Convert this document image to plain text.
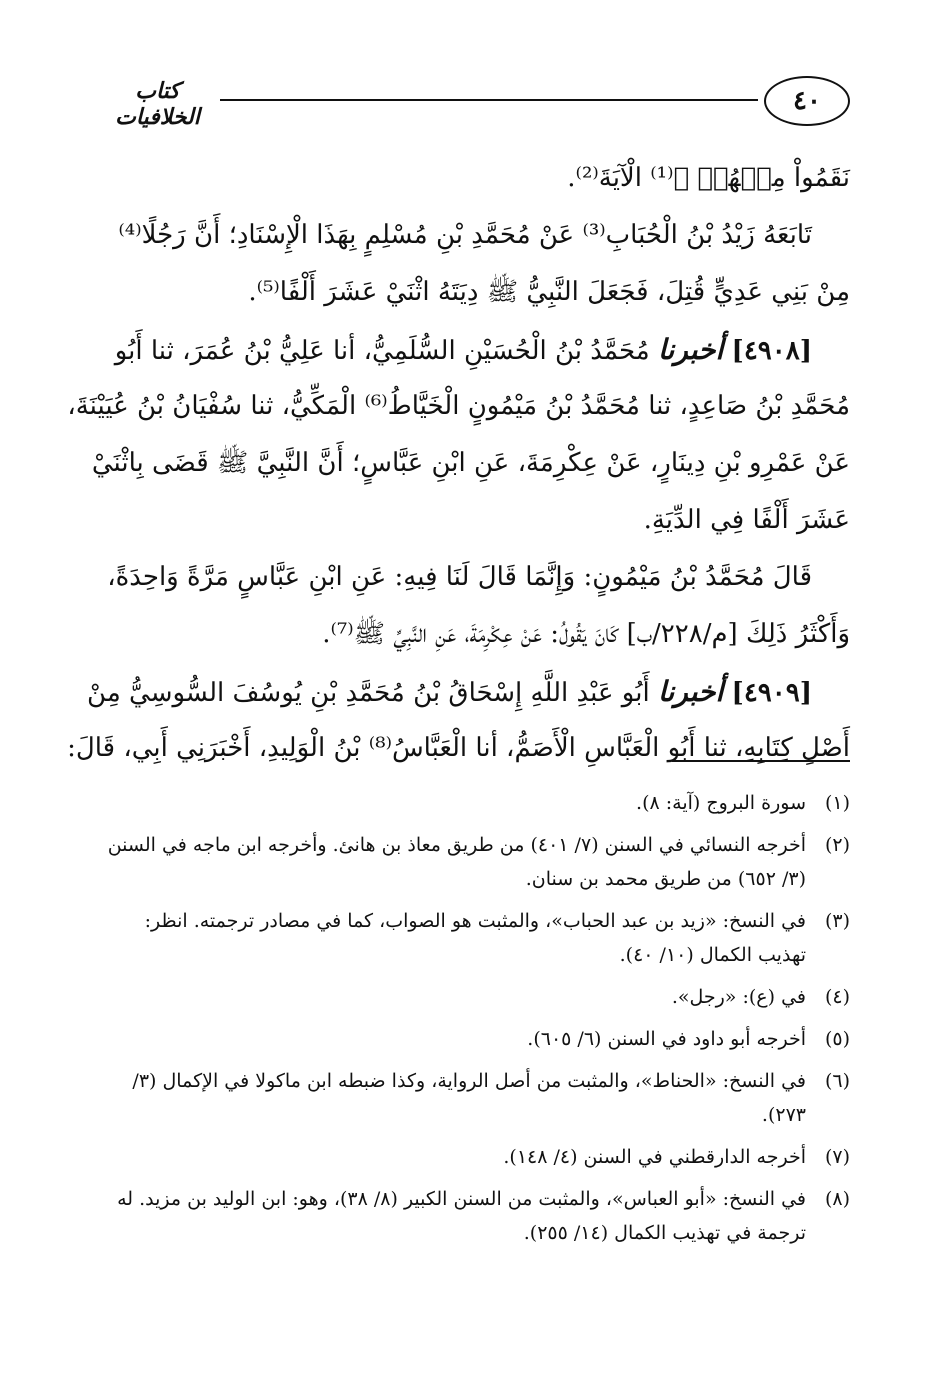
٤٠
كتاب الخلافيات
نَقَمُواْ مِنۡهُمۡ ﴾⁽¹⁾ الْآيَةَ⁽²⁾.
تَابَعَهُ زَيْدُ بْنُ الْحُبَابِ⁽³⁾ عَنْ مُحَمَّدِ بْنِ مُسْلِمٍ بِهَذَا الْإِسْنَادِ؛ أَنَّ رَجُلًا⁽⁴⁾
مِنْ بَنِي عَدِيٍّ قُتِلَ، فَجَعَلَ النَّبِيُّ ﷺ دِيَتَهُ اثْنَيْ عَشَرَ أَلْفًا⁽⁵⁾.
[٤٩٠٨] أخبرنا مُحَمَّدُ بْنُ الْحُسَيْنِ السُّلَمِيُّ، أنا عَلِيُّ بْنُ عُمَرَ، ثنا أَبُو
مُحَمَّدِ بْنُ صَاعِدٍ، ثنا مُحَمَّدُ بْنُ مَيْمُونٍ الْخَيَّاطُ⁽⁶⁾ الْمَكِّيُّ، ثنا سُفْيَانُ بْنُ عُيَيْنَةَ،
عَنْ عَمْرِو بْنِ دِينَارٍ، عَنْ عِكْرِمَةَ، عَنِ ابْنِ عَبَّاسٍ؛ أَنَّ النَّبِيَّ ﷺ قَضَى بِاثْنَيْ
عَشَرَ أَلْفًا فِي الدِّيَةِ.
قَالَ مُحَمَّدُ بْنُ مَيْمُونٍ: وَإِنَّمَا قَالَ لَنَا فِيهِ: عَنِ ابْنِ عَبَّاسٍ مَرَّةً وَاحِدَةً،
وَأَكْثَرُ ذَلِكَ [م/٢٢٨/ب] كَانَ يَقُولُ: عَنْ عِكْرِمَةَ، عَنِ النَّبِيِّ ﷺ⁽⁷⁾.
[٤٩٠٩] أخبرنا أَبُو عَبْدِ اللَّهِ إِسْحَاقُ بْنُ مُحَمَّدِ بْنِ يُوسُفَ السُّوسِيُّ مِنْ
أَصْلِ كِتَابِهِ، ثنا أَبُو الْعَبَّاسِ الْأَصَمُّ، أنا الْعَبَّاسُ⁽⁸⁾ بْنُ الْوَلِيدِ، أَخْبَرَنِي أَبِي، قَالَ:
(١)
سورة البروج (آية: ٨).
(٢)
أخرجه النسائي في السنن (٧/ ٤٠١) من طريق معاذ بن هانئ. وأخرجه ابن ماجه في السنن (٣/ ٦٥٢) من طريق محمد بن سنان.
(٣)
في النسخ: «زيد بن عبد الحباب»، والمثبت هو الصواب، كما في مصادر ترجمته. انظر: تهذيب الكمال (١٠/ ٤٠).
(٤)
في (ع): «رجل».
(٥)
أخرجه أبو داود في السنن (٦/ ٦٠٥).
(٦)
في النسخ: «الحناط»، والمثبت من أصل الرواية، وكذا ضبطه ابن ماكولا في الإكمال (٣/ ٢٧٣).
(٧)
أخرجه الدارقطني في السنن (٤/ ١٤٨).
(٨)
في النسخ: «أبو العباس»، والمثبت من السنن الكبير (٨/ ٣٨)، وهو: ابن الوليد بن مزيد. له ترجمة في تهذيب الكمال (١٤/ ٢٥٥).
